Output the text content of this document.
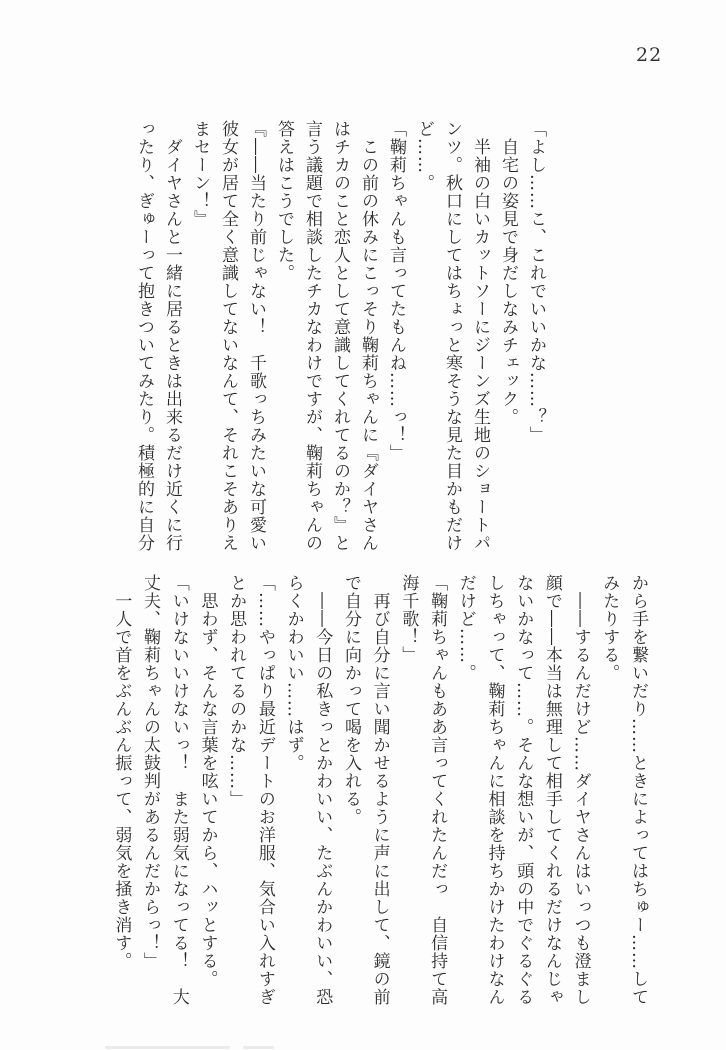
22
「よし……こ、これでいいかな……？」
　自宅の姿見で身だしなみチェック。
　半袖の白いカットソーにジーンズ生地のショートパ
ンツ。秋口にしてはちょっと寒そうな見た目かもだけ
ど……。
「鞠莉ちゃんも言ってたもんね……っ！」
　この前の休みにこっそり鞠莉ちゃんに『ダイヤさん
はチカのこと恋人として意識してくれてるのか？』と
言う議題で相談したチカなわけですが、鞠莉ちゃんの
答えはこうでした。
『――当たり前じゃない！　千歌っちみたいな可愛い
彼女が居て全く意識してないなんて、それこそありえ
まセーン！』
　ダイヤさんと一緒に居るときは出来るだけ近くに行
ったり、ぎゅーって抱きついてみたり。積極的に自分
から手を繋いだり……ときによってはちゅー……して
みたりする。
　――するんだけど……ダイヤさんはいっつも澄まし
顔で――本当は無理して相手してくれるだけなんじゃ
ないかなって……。そんな想いが、頭の中でぐるぐる
しちゃって、鞠莉ちゃんに相談を持ちかけたわけなん
だけど……。
「鞠莉ちゃんもああ言ってくれたんだっ　自信持て高
海千歌！」
　再び自分に言い聞かせるように声に出して、鏡の前
で自分に向かって喝を入れる。
　――今日の私きっとかわいい、たぶんかわいい、恐
らくかわいい……はず。
「……やっぱり最近デートのお洋服、気合い入れすぎ
とか思われてるのかな……」
　思わず、そんな言葉を呟いてから、ハッとする。
「いけないいけないっ！　また弱気になってる！　大
丈夫、鞠莉ちゃんの太鼓判があるんだからっ！」
　一人で首をぶんぶん振って、弱気を掻き消す。
